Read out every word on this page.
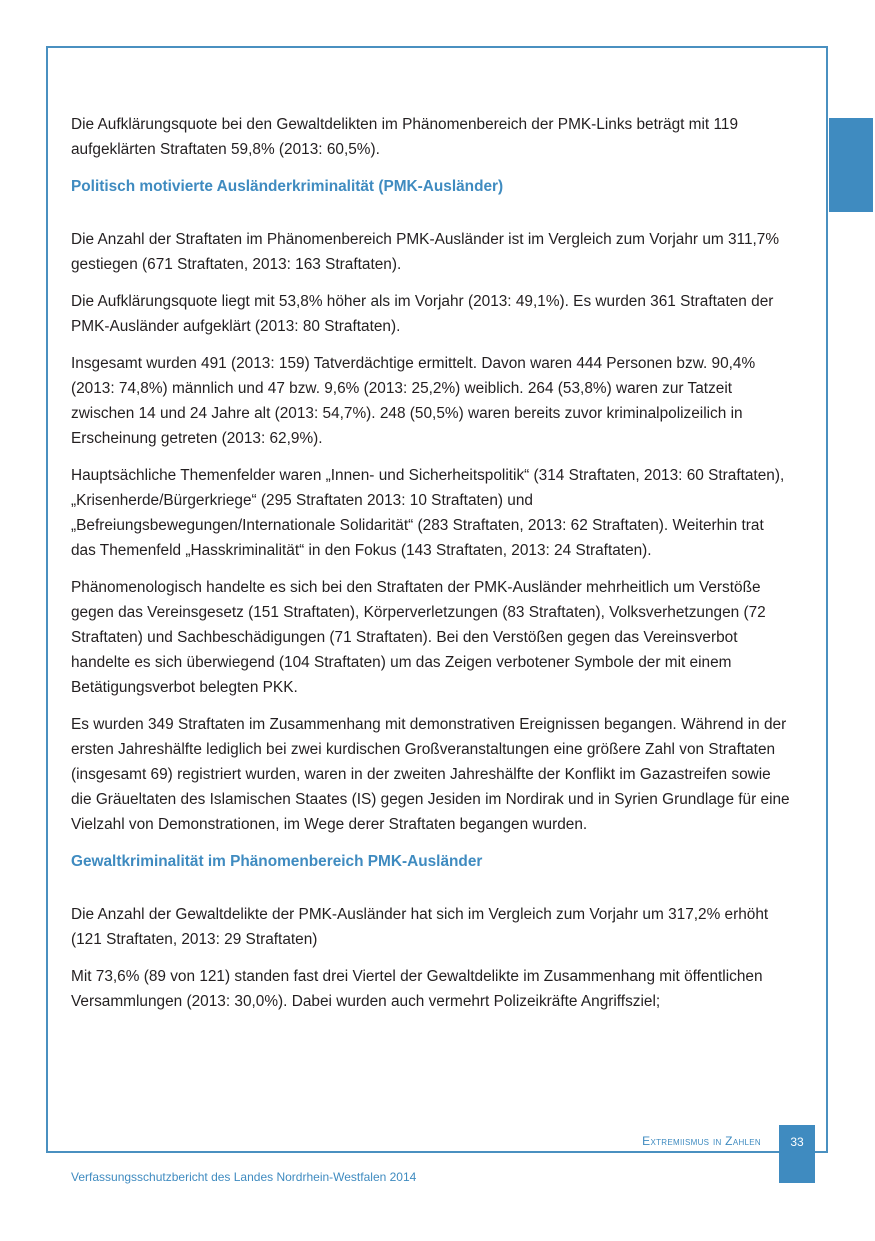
Die Aufklärungsquote bei den Gewaltdelikten im Phänomenbereich der PMK-Links beträgt mit 119 aufgeklärten Straftaten 59,8% (2013: 60,5%).

Politisch motivierte Ausländerkriminalität (PMK-Ausländer)

Die Anzahl der Straftaten im Phänomenbereich PMK-Ausländer ist im Vergleich zum Vorjahr um 311,7% gestiegen (671 Straftaten, 2013: 163 Straftaten).

Die Aufklärungsquote liegt mit 53,8% höher als im Vorjahr (2013: 49,1%). Es wurden 361 Straftaten der PMK-Ausländer aufgeklärt (2013: 80 Straftaten).

Insgesamt wurden 491 (2013: 159) Tatverdächtige ermittelt. Davon waren 444 Personen bzw. 90,4% (2013: 74,8%) männlich und 47 bzw. 9,6% (2013: 25,2%) weiblich. 264 (53,8%) waren zur Tatzeit zwischen 14 und 24 Jahre alt (2013: 54,7%). 248 (50,5%) waren bereits zuvor kriminalpolizeilich in Erscheinung getreten (2013: 62,9%).

Hauptsächliche Themenfelder waren „Innen- und Sicherheitspolitik“ (314 Straftaten, 2013: 60 Straftaten), „Krisenherde/Bürgerkriege“ (295 Straftaten 2013: 10 Straftaten) und „Befreiungsbewegungen/Internationale Solidarität“ (283 Straftaten, 2013: 62 Straftaten). Weiterhin trat das Themenfeld „Hasskriminalität“ in den Fokus (143 Straftaten, 2013: 24 Straftaten).

Phänomenologisch handelte es sich bei den Straftaten der PMK-Ausländer mehrheitlich um Verstöße gegen das Vereinsgesetz (151 Straftaten), Körperverletzungen (83 Straftaten), Volksverhetzungen (72 Straftaten) und Sachbeschädigungen (71 Straftaten). Bei den Verstößen gegen das Vereinsverbot handelte es sich überwiegend (104 Straftaten) um das Zeigen verbotener Symbole der mit einem Betätigungsverbot belegten PKK.

Es wurden 349 Straftaten im Zusammenhang mit demonstrativen Ereignissen begangen. Während in der ersten Jahreshälfte lediglich bei zwei kurdischen Großveranstaltungen eine größere Zahl von Straftaten (insgesamt 69) registriert wurden, waren in der zweiten Jahreshälfte der Konflikt im Gazastreifen sowie die Gräueltaten des Islamischen Staates (IS) gegen Jesiden im Nordirak und in Syrien Grundlage für eine Vielzahl von Demonstrationen, im Wege derer Straftaten begangen wurden.

Gewaltkriminalität im Phänomenbereich PMK-Ausländer

Die Anzahl der Gewaltdelikte der PMK-Ausländer hat sich im Vergleich zum Vorjahr um 317,2% erhöht (121 Straftaten, 2013: 29 Straftaten)

Mit 73,6% (89 von 121) standen fast drei Viertel der Gewaltdelikte im Zusammenhang mit öffentlichen Versammlungen (2013: 30,0%). Dabei wurden auch vermehrt Polizeikräfte Angriffsziel;

Extremiismus in Zahlen	33
Verfassungsschutzbericht des Landes Nordrhein-Westfalen 2014
